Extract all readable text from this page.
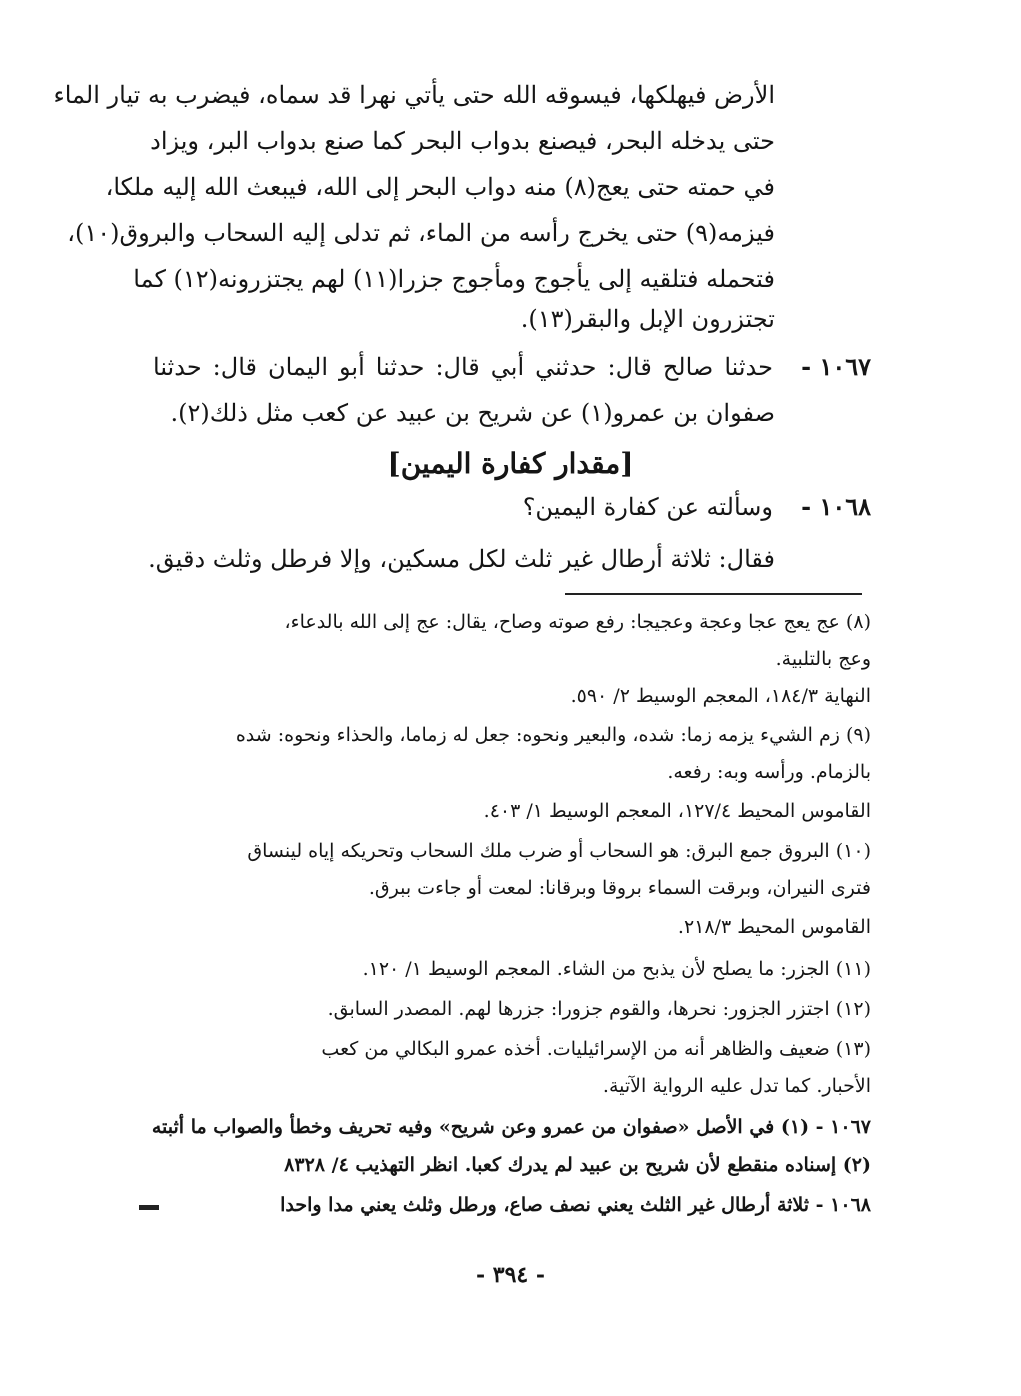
الأرض فيهلكها، فيسوقه الله حتى يأتي نهرا قد سماه، فيضرب به تيار الماء
حتى يدخله البحر، فيصنع بدواب البحر كما صنع بدواب البر، ويزاد
في حمته حتى يعج(٨) منه دواب البحر إلى الله، فيبعث الله إليه ملكا،
فيزمه(٩) حتى يخرج رأسه من الماء، ثم تدلى إليه السحاب والبروق(١٠)،
فتحمله فتلقيه إلى يأجوج ومأجوج جزرا(١١) لهم يجتزرونه(١٢) كما
تجتزرون الإبل والبقر(١٣).
١٠٦٧ -حدثنا صالح قال: حدثني أبي قال: حدثنا أبو اليمان قال: حدثنا
صفوان بن عمرو(١) عن شريح بن عبيد عن كعب مثل ذلك(٢).
[مقدار كفارة اليمين]
١٠٦٨ -وسألته عن كفارة اليمين؟
فقال: ثلاثة أرطال غير ثلث لكل مسكين، وإلا فرطل وثلث دقيق.
(٨) عج يعج عجا وعجة وعجيجا: رفع صوته وصاح، يقال: عج إلى الله بالدعاء،
وعج بالتلبية.
النهاية ١٨٤/٣، المعجم الوسيط ٢/ ٥٩٠.
(٩) زم الشيء يزمه زما: شده، والبعير ونحوه: جعل له زماما، والحذاء ونحوه: شده
بالزمام. ورأسه وبه: رفعه.
القاموس المحيط ١٢٧/٤، المعجم الوسيط ١/ ٤٠٣.
(١٠) البروق جمع البرق: هو السحاب أو ضرب ملك السحاب وتحريكه إياه لينساق
فترى النيران، وبرقت السماء بروقا وبرقانا: لمعت أو جاءت ببرق.
القاموس المحيط ٢١٨/٣.
(١١) الجزر: ما يصلح لأن يذبح من الشاء. المعجم الوسيط ١/ ١٢٠.
(١٢) اجتزر الجزور: نحرها، والقوم جزورا: جزرها لهم. المصدر السابق.
(١٣) ضعيف والظاهر أنه من الإسرائيليات. أخذه عمرو البكالي من كعب
الأحبار. كما تدل عليه الرواية الآتية.
١٠٦٧ - (١) في الأصل «صفوان من عمرو وعن شريح» وفيه تحريف وخطأ والصواب ما أثبته
(٢) إسناده منقطع لأن شريح بن عبيد لم يدرك كعبا. انظر التهذيب ٤/ ٨٣٢٨
١٠٦٨ - ثلاثة أرطال غير الثلث يعني نصف صاع، ورطل وثلث يعني مدا واحدا
- ٣٩٤ -
